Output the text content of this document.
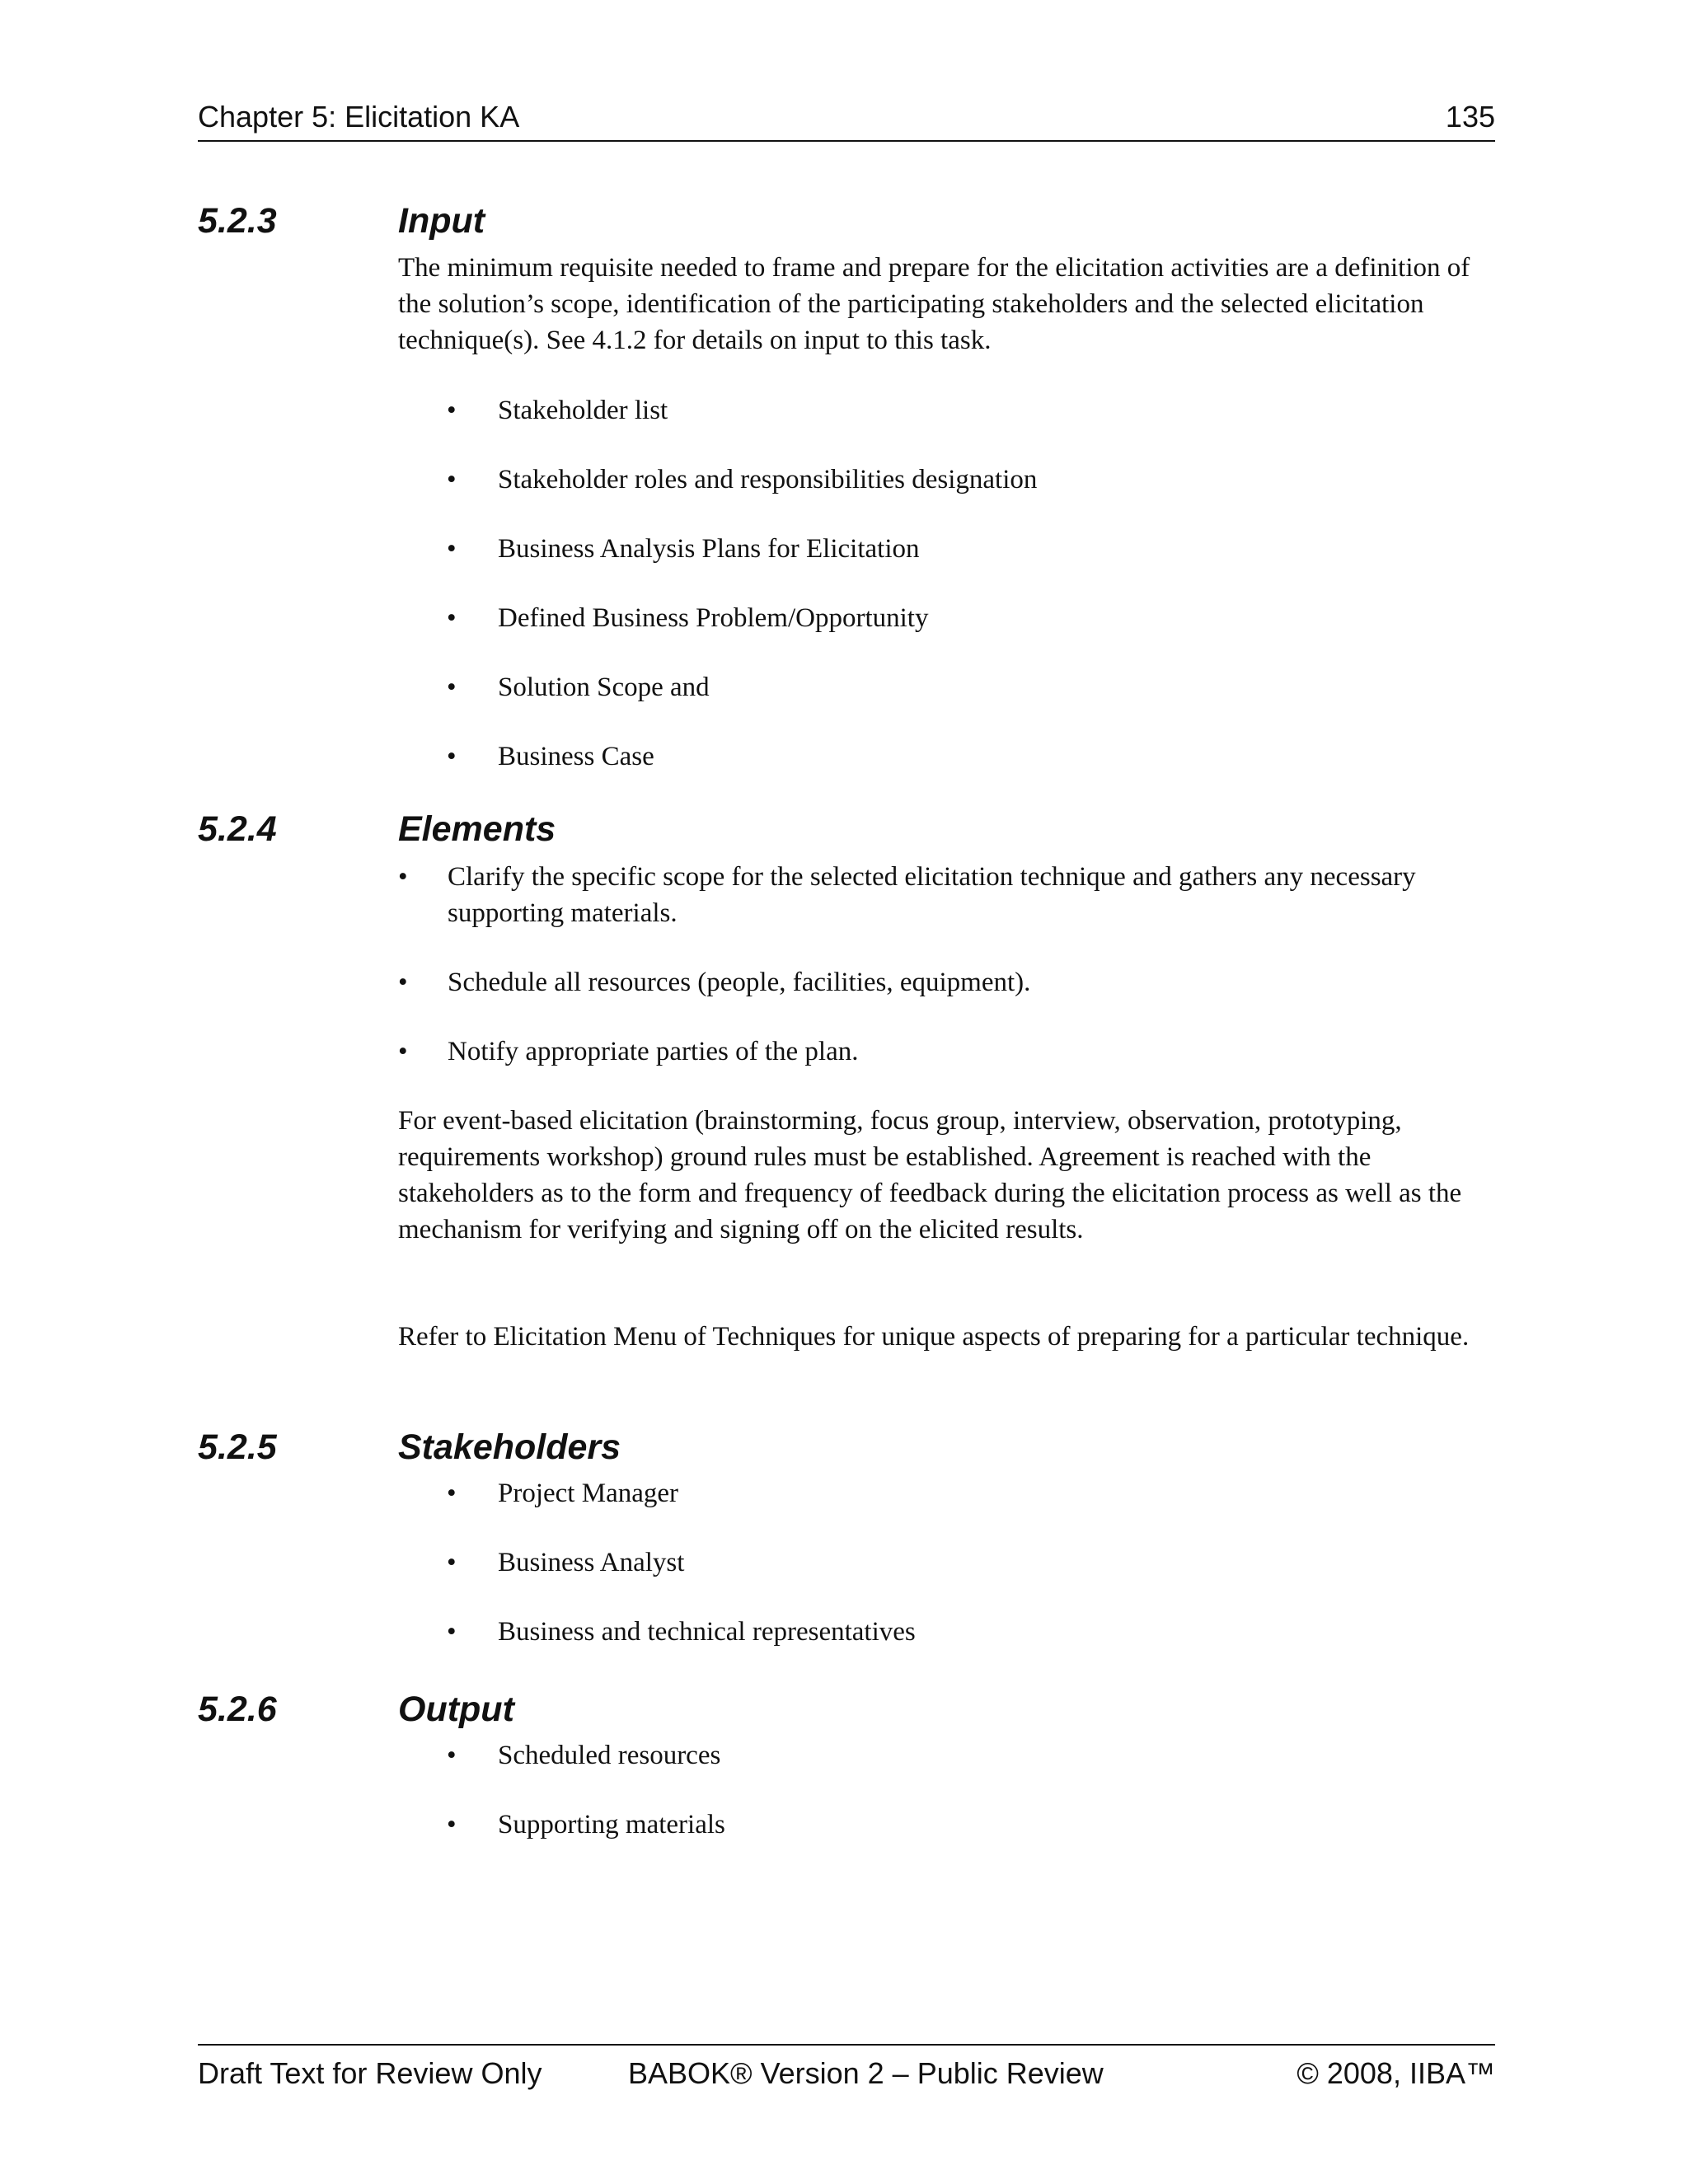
Chapter 5: Elicitation KA	135
5.2.3	Input

The minimum requisite needed to frame and prepare for the elicitation activities are a definition of the solution’s scope, identification of the participating stakeholders and the selected elicitation technique(s). See 4.1.2 for details on input to this task.

• Stakeholder list
• Stakeholder roles and responsibilities designation
• Business Analysis Plans for Elicitation
• Defined Business Problem/Opportunity
• Solution Scope and
• Business Case
5.2.4	Elements
• Clarify the specific scope for the selected elicitation technique and gathers any necessary supporting materials.
• Schedule all resources (people, facilities, equipment).
• Notify appropriate parties of the plan.

For event-based elicitation (brainstorming, focus group, interview, observation, prototyping, requirements workshop) ground rules must be established. Agreement is reached with the stakeholders as to the form and frequency of feedback during the elicitation process as well as the mechanism for verifying and signing off on the elicited results.

Refer to Elicitation Menu of Techniques for unique aspects of preparing for a particular technique.

5.2.5	Stakeholders
• Project Manager
• Business Analyst
• Business and technical representatives
5.2.6	Output
• Scheduled resources
• Supporting materials
Draft Text for Review Only	BABOK® Version 2 – Public Review	© 2008, IIBA™
